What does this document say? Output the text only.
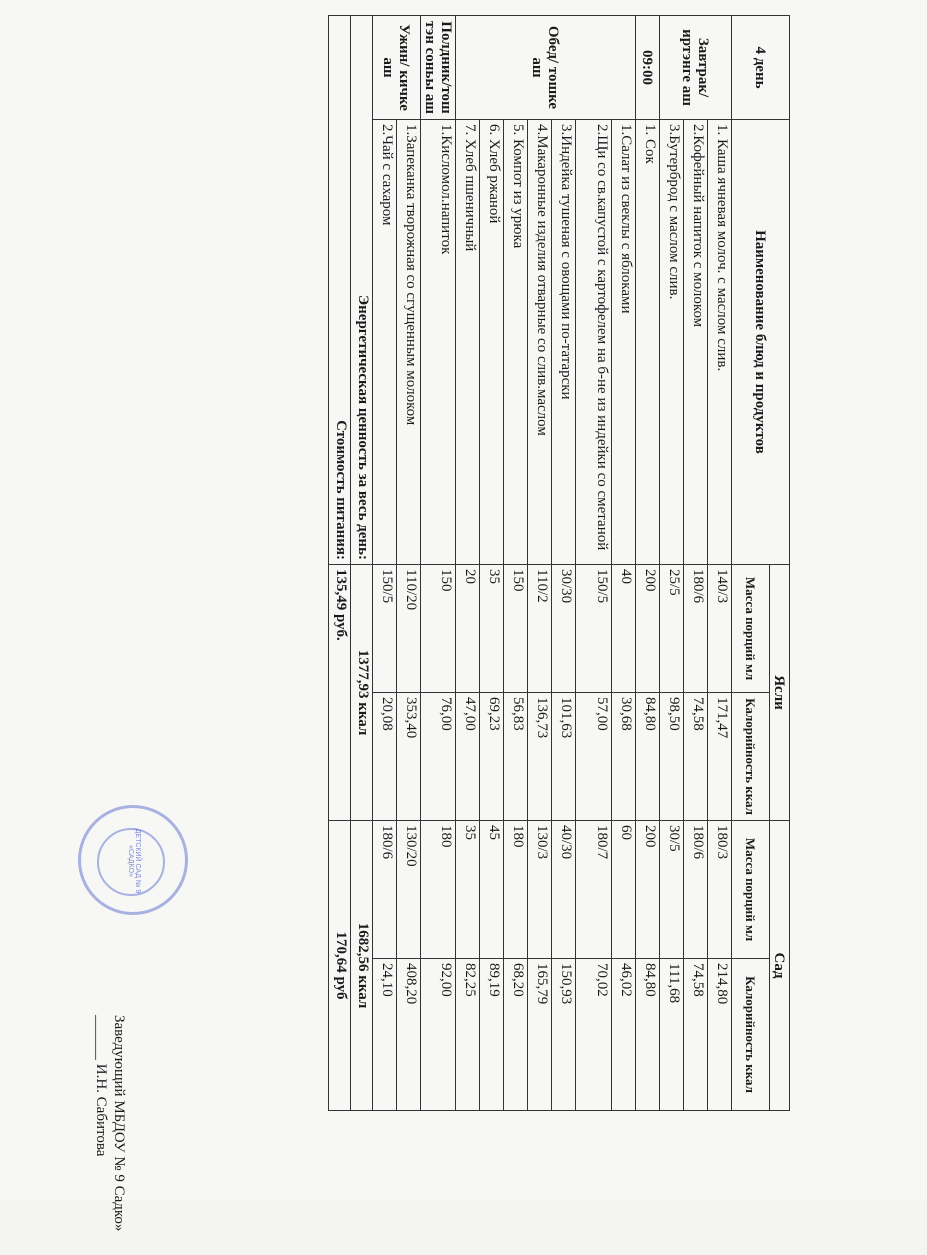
4 день	Наименование блюд и продуктов	Ясли		Сад	
		Масса порций мл	Калорийность ккал	Масса порций мл	Калорийность ккал
Завтрак/иртэнге аш	1. Каша ячневая молоч. с маслом слив.	140/3	171,47	180/3	214,80
	2.Кофейный напиток с молоком	180/6	74,58	180/6	74,58
	3.Бутерброд с маслом слив.	25/5	98,50	30/5	111,68
09:00	1. Сок	200	84,80	200	84,80
Обед/ тошке аш	1.Салат из свеклы с яблоками	40	30,68	60	46,02
	2.Щи со св.капустой с картофелем на б-не из индейки со сметаной	150/5	57,00	180/7	70,02
	3.Индейка тушеная с овощами по-татарски	30/30	101,63	40/30	150,93
	4.Макаронные изделия отварные со слив.маслом	110/2	136,73	130/3	165,79
	5. Компот из урюка	150	56,83	180	68,20
	6. Хлеб ржаной	35	69,23	45	89,19
	7. Хлеб пшеничный	20	47,00	35	82,25
Полдник/тош тэн соньы аш	1.Кисломол.напиток	150	76,00	180	92,00
Ужин/ кичке аш	1.Запеканка творожная со сгущенным молоком	110/20	353,40	130/20	408,20
	2.Чай с сахаром	150/5	20,08	180/6	24,10
Энергетическая ценность за весь день:		1377,93 ккал		1682,56 ккал	
Стоимость питания:		135,49 руб.		170,64 руб	
ДЕТСКИЙ САД № 9 «САДКО»
Заведующий МБДОУ № 9 Садко»
______ И.Н. Сабитова
